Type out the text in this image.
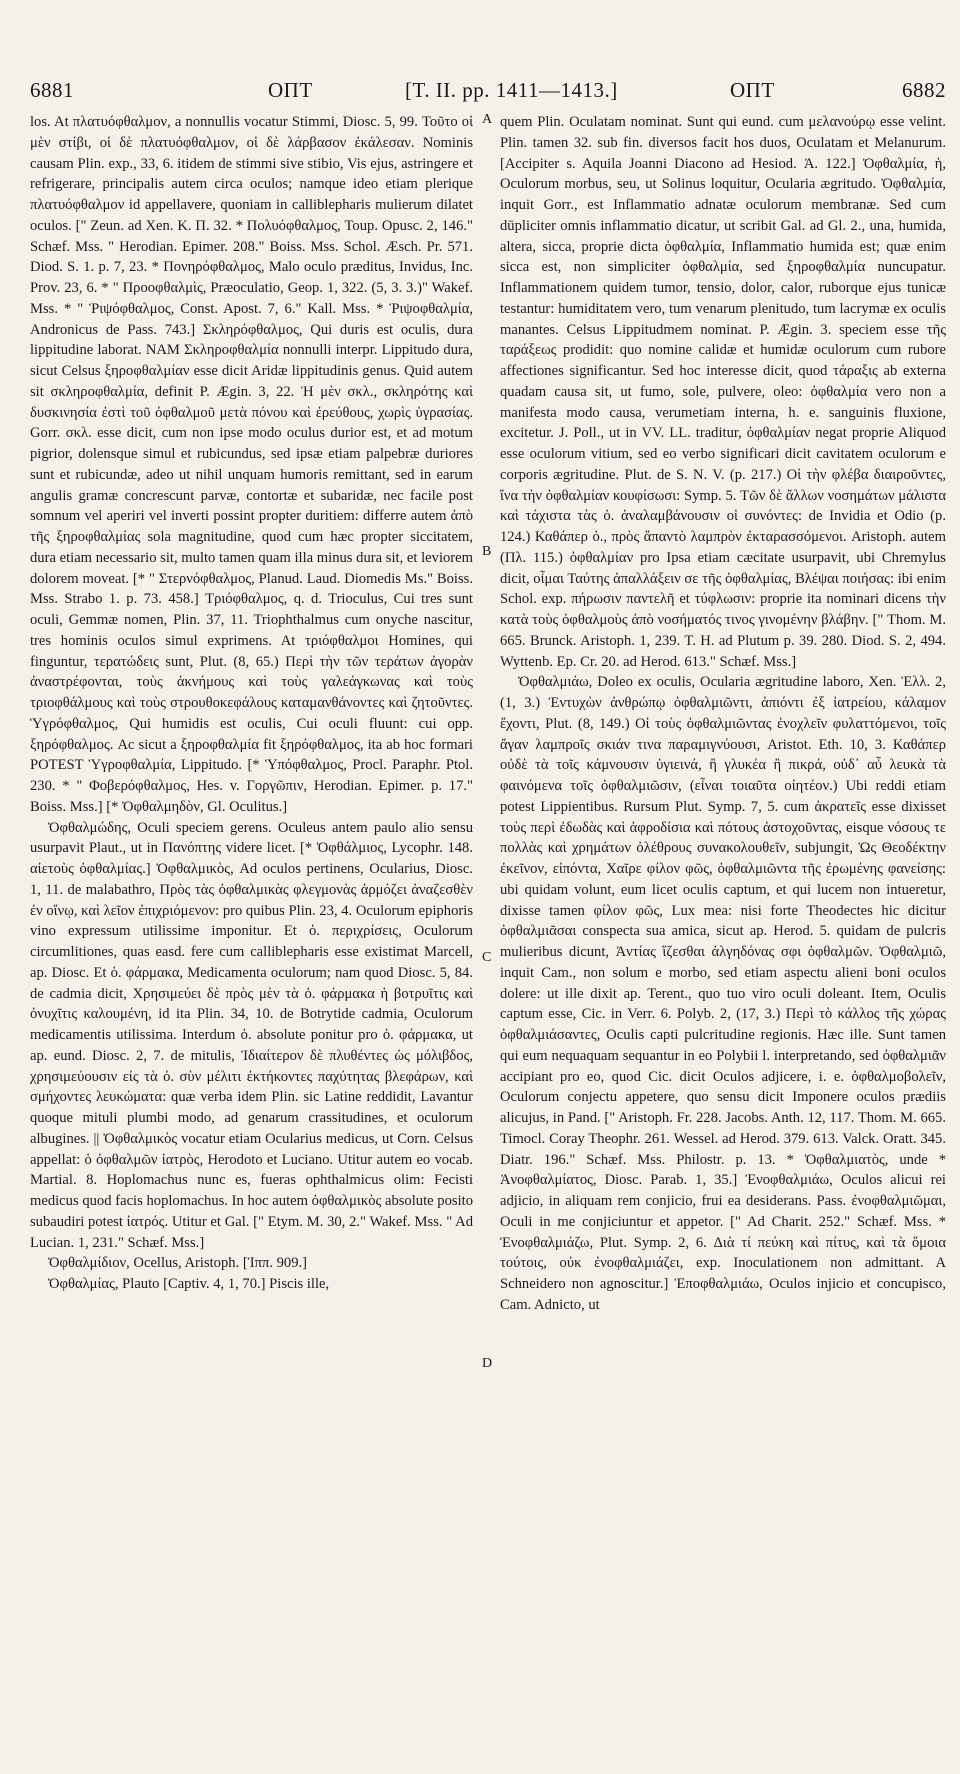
6881	ΟΠΤ	[T. II. pp. 1411—1413.]	ΟΠΤ	6882

los. At πλατυόφθαλμον, a nonnullis vocatur Stimmi, Diosc. 5, 99. Τοῦτο οἱ μὲν στίβι, οἱ δὲ πλατυόφθαλμον, οἱ δὲ λάρβασον ἐκάλεσαν. Nominis causam Plin. exp., 33, 6. itidem de stimmi sive stibio, Vis ejus, astringere et refrigerare, principalis autem circa oculos; namque ideo etiam plerique πλατυόφθαλμον id appellavere, quoniam in calliblepharis mulierum dilatet oculos. [" Zeun. ad Xen. K. Π. 32. * Πολυόφθαλμος, Toup. Opusc. 2, 146." Schæf. Mss. " Herodian. Epimer. 208." Boiss. Mss. Schol. Æsch. Pr. 571. Diod. S. 1. p. 7, 23. * Πονηρόφθαλμος, Malo oculo præditus, Invidus, Inc. Prov. 23, 6. * " Προοφθαλμὶς, Præoculatio, Geop. 1, 322. (5, 3. 3.)" Wakef. Mss. * " Ῥιψόφθαλμος, Const. Apost. 7, 6." Kall. Mss. * Ῥιψοφθαλμία, Andronicus de Pass. 743.] Σκληρόφθαλμος, Qui duris est oculis, dura lippitudine laborat. NAM Σκληροφθαλμία nonnulli interpr. Lippitudo dura, sicut Celsus ξηροφθαλμίαν esse dicit Aridæ lippitudinis genus. Quid autem sit σκληροφθαλμία, definit P. Ægin. 3, 22. Ἡ μὲν σκλ., σκληρότης καὶ δυσκινησία ἐστὶ τοῦ ὀφθαλμοῦ μετὰ πόνου καὶ ἐρεύθους, χωρὶς ὑγρασίας. Gorr. σκλ. esse dicit, cum non ipse modo oculus durior est, et ad motum pigrior, dolensque simul et rubicundus, sed ipsæ etiam palpebræ duriores sunt et rubicundæ, adeo ut nihil unquam humoris remittant, sed in earum angulis gramæ concrescunt parvæ, contortæ et subaridæ, nec facile post somnum vel aperiri vel inverti possint propter duritiem: differre autem ἀπὸ τῆς ξηροφθαλμίας sola magnitudine, quod cum hæc propter siccitatem, dura etiam necessario sit, multo tamen quam illa minus dura sit, et leviorem dolorem moveat. [* " Στερνόφθαλμος, Planud. Laud. Diomedis Ms." Boiss. Mss. Strabo 1. p. 73. 458.] Τριόφθαλμος, q. d. Trioculus, Cui tres sunt oculi, Gemmæ nomen, Plin. 37, 11. Triophthalmus cum onyche nascitur, tres hominis oculos simul exprimens. At τριόφθαλμοι Homines, qui finguntur, τερατώδεις sunt, Plut. (8, 65.) Περὶ τὴν τῶν τεράτων ἀγορὰν ἀναστρέφονται, τοὺς ἀκνήμους καὶ τοὺς γαλεάγκωνας καὶ τοὺς τριοφθάλμους καὶ τοὺς στρουθοκεφάλους καταμανθάνοντες καὶ ζητοῦντες. Ὑγρόφθαλμος, Qui humidis est oculis, Cui oculi fluunt: cui opp. ξηρόφθαλμος. Ac sicut a ξηροφθαλμία fit ξηρόφθαλμος, ita ab hoc formari POTEST Ὑγροφθαλμία, Lippitudo. [* Ὑπόφθαλμος, Procl. Paraphr. Ptol. 230. * " Φοβερόφθαλμος, Hes. v. Γοργῶπιν, Herodian. Epimer. p. 17." Boiss. Mss.] [* Ὀφθαλμηδὸν, Gl. Oculitus.]

Ὀφθαλμώδης, Oculi speciem gerens. Oculeus antem paulo alio sensu usurpavit Plaut., ut in Πανόπτης videre licet. [* Ὀφθάλμιος, Lycophr. 148. αἰετοὺς ὀφθαλμίας.] Ὀφθαλμικὸς, Ad oculos pertinens, Ocularius, Diosc. 1, 11. de malabathro, Πρὸς τὰς ὀφθαλμικὰς φλεγμονὰς ἁρμόζει ἀναζεσθὲν ἐν οἴνῳ, καὶ λεῖον ἐπιχριόμενον: pro quibus Plin. 23, 4. Oculorum epiphoris vino expressum utilissime imponitur. Et ὁ. περιχρίσεις, Oculorum circumlitiones, quas easd. fere cum calliblepharis esse existimat Marcell, ap. Diosc. Et ὁ. φάρμακα, Medicamenta oculorum; nam quod Diosc. 5, 84. de cadmia dicit, Χρησιμεύει δὲ πρὸς μὲν τὰ ὀ. φάρμακα ἡ βοτρυῖτις καὶ ὀνυχῖτις καλουμένη, id ita Plin. 34, 10. de Botrytide cadmia, Oculorum medicamentis utilissima. Interdum ὀ. absolute ponitur pro ὀ. φάρμακα, ut ap. eund. Diosc. 2, 7. de mitulis, Ἰδιαίτερον δὲ πλυθέντες ὡς μόλιβδος, χρησιμεύουσιν εἰς τὰ ὀ. σὺν μέλιτι ἐκτήκοντες παχύτητας βλεφάρων, καὶ σμήχοντες λευκώματα: quæ verba idem Plin. sic Latine reddidit, Lavantur quoque mituli plumbi modo, ad genarum crassitudines, et oculorum albugines. || Ὀφθαλμικὸς vocatur etiam Ocularius medicus, ut Corn. Celsus appellat: ὁ ὀφθαλμῶν ἰατρὸς, Herodoto et Luciano. Utitur autem eo vocab. Martial. 8. Hoplomachus nunc es, fueras ophthalmicus olim: Fecisti medicus quod facis hoplomachus. In hoc autem ὀφθαλμικὸς absolute posito subaudiri potest ἰατρός. Utitur et Gal. [" Etym. M. 30, 2." Wakef. Mss. " Ad Lucian. 1, 231." Schæf. Mss.]

Ὀφθαλμίδιον, Ocellus, Aristoph. [Ἱππ. 909.]

Ὀφθαλμίας, Plauto [Captiv. 4, 1, 70.] Piscis ille,

A
B
C
D

quem Plin. Oculatam nominat. Sunt qui eund. cum μελανούρῳ esse velint. Plin. tamen 32. sub fin. diversos facit hos duos, Oculatam et Melanurum. [Accipiter s. Aquila Joanni Diacono ad Hesiod. Ἀ. 122.] Ὀφθαλμία, ἡ, Oculorum morbus, seu, ut Solinus loquitur, Ocularia ægritudo. Ὀφθαλμία, inquit Gorr., est Inflammatio adnatæ oculorum membranæ. Sed cum dūpliciter omnis inflammatio dicatur, ut scribit Gal. ad Gl. 2., una, humida, altera, sicca, proprie dicta ὀφθαλμία, Inflammatio humida est; quæ enim sicca est, non simpliciter ὀφθαλμία, sed ξηροφθαλμία nuncupatur. Inflammationem quidem tumor, tensio, dolor, calor, ruborque ejus tunicæ testantur: humiditatem vero, tum venarum plenitudo, tum lacrymæ ex oculis manantes. Celsus Lippitudmem nominat. P. Ægin. 3. speciem esse τῆς ταράξεως prodidit: quo nomine calidæ et humidæ oculorum cum rubore affectiones significantur. Sed hoc interesse dicit, quod τάραξις ab externa quadam causa sit, ut fumo, sole, pulvere, oleo: ὀφθαλμία vero non a manifesta modo causa, verumetiam interna, h. e. sanguinis fluxione, excitetur. J. Poll., ut in VV. LL. traditur, ὀφθαλμίαν negat proprie Aliquod esse oculorum vitium, sed eo verbo significari dicit cavitatem oculorum e corporis ægritudine. Plut. de S. N. V. (p. 217.) Οἱ τὴν φλέβα διαιροῦντες, ἵνα τὴν ὀφθαλμίαν κουφίσωσι: Symp. 5. Τῶν δὲ ἄλλων νοσημάτων μάλιστα καὶ τάχιστα τὰς ὀ. ἀναλαμβάνουσιν οἱ συνόντες: de Invidia et Odio (p. 124.) Καθάπερ ὀ., πρὸς ἅπαντὸ λαμπρὸν ἐκταρασσόμενοι. Aristoph. autem (Πλ. 115.) ὀφθαλμίαν pro Ipsa etiam cæcitate usurpavit, ubi Chremylus dicit, οἶμαι Ταύτης ἀπαλλάξειν σε τῆς ὀφθαλμίας, Βλέψαι ποιήσας: ibi enim Schol. exp. πήρωσιν παντελῆ et τύφλωσιν: proprie ita nominari dicens τὴν κατὰ τοὺς ὀφθαλμοὺς ἀπὸ νοσήματός τινος γινομένην βλάβην. [" Thom. M. 665. Brunck. Aristoph. 1, 239. T. H. ad Plutum p. 39. 280. Diod. S. 2, 494. Wyttenb. Ep. Cr. 20. ad Herod. 613." Schæf. Mss.]

Ὀφθαλμιάω, Doleo ex oculis, Ocularia ægritudine laboro, Xen. Ἑλλ. 2, (1, 3.) Ἐντυχὼν ἀνθρώπῳ ὀφθαλμιῶντι, ἀπιόντι ἐξ ἰατρείου, κάλαμον ἔχοντι, Plut. (8, 149.) Οἱ τοὺς ὀφθαλμιῶντας ἐνοχλεῖν φυλαττόμενοι, τοῖς ἄγαν λαμπροῖς σκιάν τινα παραμιγνύουσι, Aristot. Eth. 10, 3. Καθάπερ οὐδὲ τὰ τοῖς κάμνουσιν ὑγιεινά, ἢ γλυκέα ἢ πικρά, οὐδ᾽ αὖ λευκὰ τὰ φαινόμενα τοῖς ὀφθαλμιῶσιν, (εἶναι τοιαῦτα οἰητέον.) Ubi reddi etiam potest Lippientibus. Rursum Plut. Symp. 7, 5. cum ἀκρατεῖς esse dixisset τοὺς περὶ ἐδωδὰς καὶ ἀφροδίσια καὶ πότους ἀστοχοῦντας, eisque νόσους τε πολλὰς καὶ χρημάτων ὀλέθρους συνακολουθεῖν, subjungit, Ὡς Θεοδέκτην ἐκεῖνον, εἰπόντα, Χαῖρε φίλον φῶς, ὀφθαλμιῶντα τῆς ἐρωμένης φανείσης: ubi quidam volunt, eum licet oculis captum, et qui lucem non intueretur, dixisse tamen φίλον φῶς, Lux mea: nisi forte Theodectes hic dicitur ὀφθαλμιᾶσαι conspecta sua amica, sicut ap. Herod. 5. quidam de pulcris mulieribus dicunt, Ἀντίας ἵζεσθαι ἀλγηδόνας σφι ὀφθαλμῶν. Ὀφθαλμιῶ, inquit Cam., non solum e morbo, sed etiam aspectu alieni boni oculos dolere: ut ille dixit ap. Terent., quo tuo viro oculi doleant. Item, Oculis captum esse, Cic. in Verr. 6. Polyb. 2, (17, 3.) Περὶ τὸ κάλλος τῆς χώρας ὀφθαλμιάσαντες, Oculis capti pulcritudine regionis. Hæc ille. Sunt tamen qui eum nequaquam sequantur in eo Polybii l. interpretando, sed ὀφθαλμιᾶν accipiant pro eo, quod Cic. dicit Oculos adjicere, i. e. ὀφθαλμοβολεῖν, Oculorum conjectu appetere, quo sensu dicit Imponere oculos prædiis alicujus, in Pand. [" Aristoph. Fr. 228. Jacobs. Anth. 12, 117. Thom. M. 665. Timocl. Coray Theophr. 261. Wessel. ad Herod. 379. 613. Valck. Oratt. 345. Diatr. 196." Schæf. Mss. Philostr. p. 13. * Ὀφθαλμιατὸς, unde * Ἀνοφθαλμίατος, Diosc. Parab. 1, 35.] Ἐνοφθαλμιάω, Oculos alicui rei adjicio, in aliquam rem conjicio, frui ea desiderans. Pass. ἐνοφθαλμιῶμαι, Oculi in me conjiciuntur et appetor. [" Ad Charit. 252." Schæf. Mss. * Ἐνοφθαλμιάζω, Plut. Symp. 2, 6. Διὰ τί πεύκη καὶ πίτυς, καὶ τὰ ὅμοια τούτοις, οὐκ ἐνοφθαλμιάζει, exp. Inoculationem non admittant. A Schneidero non agnoscitur.] Ἐποφθαλμιάω, Oculos injicio et concupisco, Cam. Adnicto, ut
